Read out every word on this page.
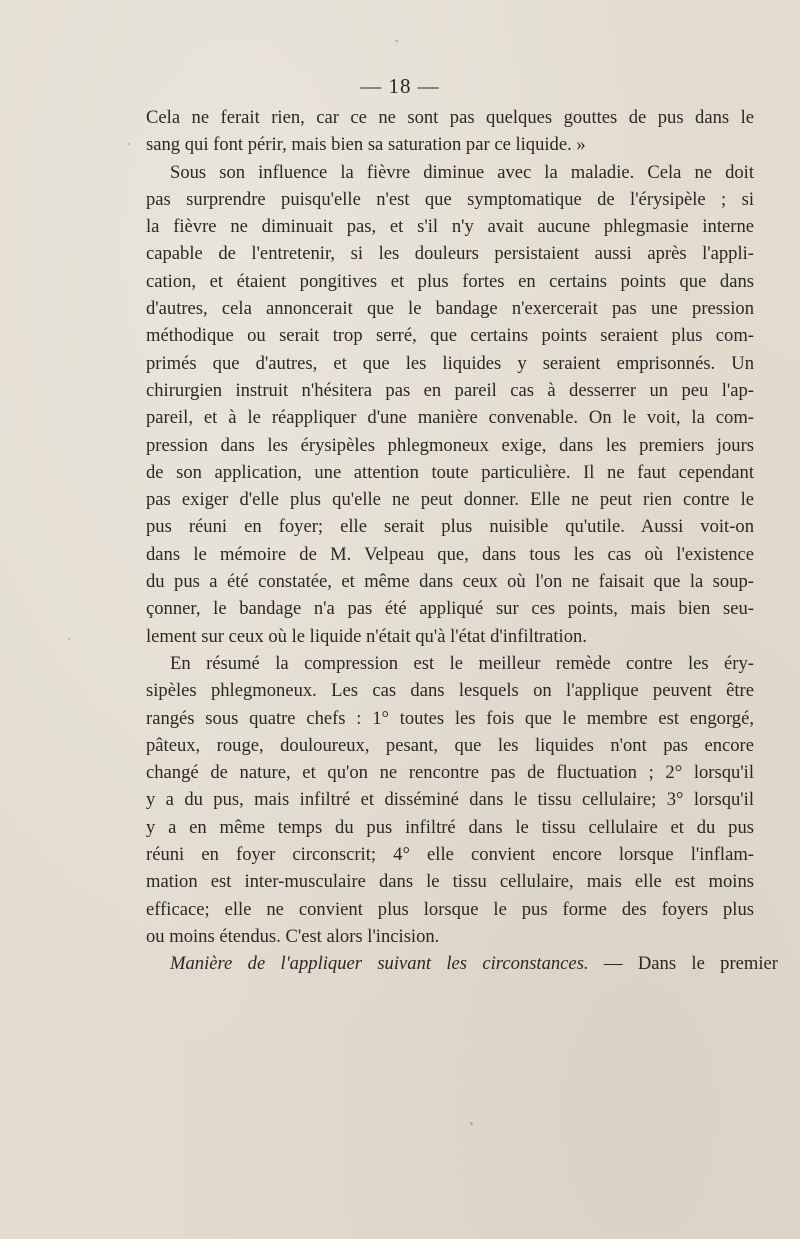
— 18 —
Cela ne ferait rien, car ce ne sont pas quelques gouttes de pus dans le
sang qui font périr, mais bien sa saturation par ce liquide. »
Sous son influence la fièvre diminue avec la maladie. Cela ne doit
pas surprendre puisqu'elle n'est que symptomatique de l'érysipèle ; si
la fièvre ne diminuait pas, et s'il n'y avait aucune phlegmasie interne
capable de l'entretenir, si les douleurs persistaient aussi après l'appli-
cation, et étaient pongitives et plus fortes en certains points que dans
d'autres, cela annoncerait que le bandage n'exercerait pas une pression
méthodique ou serait trop serré, que certains points seraient plus com-
primés que d'autres, et que les liquides y seraient emprisonnés. Un
chirurgien instruit n'hésitera pas en pareil cas à desserrer un peu l'ap-
pareil, et à le réappliquer d'une manière convenable. On le voit, la com-
pression dans les érysipèles phlegmoneux exige, dans les premiers jours
de son application, une attention toute particulière. Il ne faut cependant
pas exiger d'elle plus qu'elle ne peut donner. Elle ne peut rien contre le
pus réuni en foyer; elle serait plus nuisible qu'utile. Aussi voit-on
dans le mémoire de M. Velpeau que, dans tous les cas où l'existence
du pus a été constatée, et même dans ceux où l'on ne faisait que la soup-
çonner, le bandage n'a pas été appliqué sur ces points, mais bien seu-
lement sur ceux où le liquide n'était qu'à l'état d'infiltration.
En résumé la compression est le meilleur remède contre les éry-
sipèles phlegmoneux. Les cas dans lesquels on l'applique peuvent être
rangés sous quatre chefs : 1° toutes les fois que le membre est engorgé,
pâteux, rouge, douloureux, pesant, que les liquides n'ont pas encore
changé de nature, et qu'on ne rencontre pas de fluctuation ; 2° lorsqu'il
y a du pus, mais infiltré et disséminé dans le tissu cellulaire; 3° lorsqu'il
y a en même temps du pus infiltré dans le tissu cellulaire et du pus
réuni en foyer circonscrit; 4° elle convient encore lorsque l'inflam-
mation est inter-musculaire dans le tissu cellulaire, mais elle est moins
efficace; elle ne convient plus lorsque le pus forme des foyers plus
ou moins étendus. C'est alors l'incision.
Manière de l'appliquer suivant les circonstances. — Dans le premier
